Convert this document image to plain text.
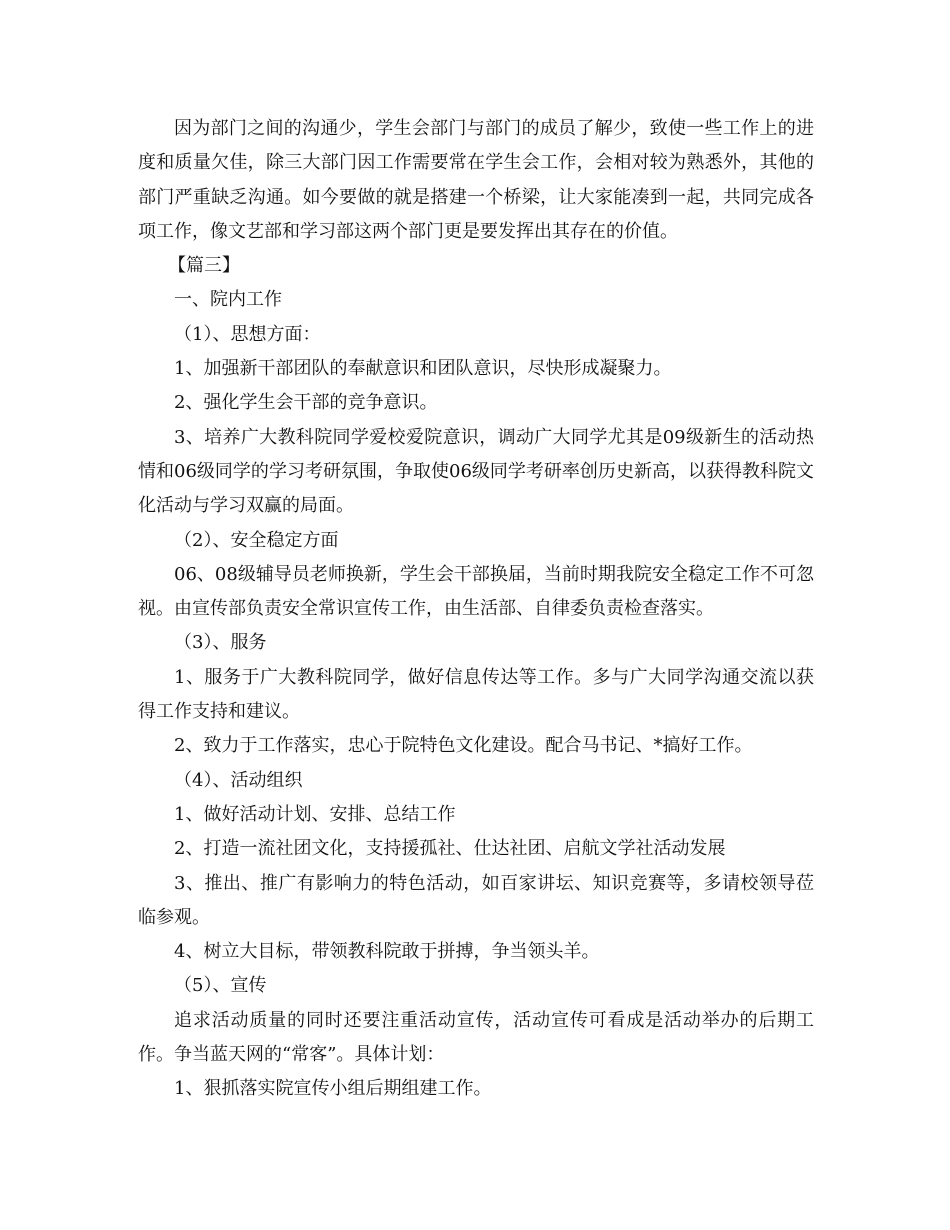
因为部门之间的沟通少，学生会部门与部门的成员了解少，致使一些工作上的进度和质量欠佳，除三大部门因工作需要常在学生会工作，会相对较为熟悉外，其他的部门严重缺乏沟通。如今要做的就是搭建一个桥梁，让大家能凑到一起，共同完成各项工作，像文艺部和学习部这两个部门更是要发挥出其存在的价值。

【篇三】

一、院内工作

（1）、思想方面：

1、加强新干部团队的奉献意识和团队意识，尽快形成凝聚力。

2、强化学生会干部的竞争意识。

3、培养广大教科院同学爱校爱院意识，调动广大同学尤其是09级新生的活动热情和06级同学的学习考研氛围，争取使06级同学考研率创历史新高，以获得教科院文化活动与学习双赢的局面。

（2）、安全稳定方面

06、08级辅导员老师换新，学生会干部换届，当前时期我院安全稳定工作不可忽视。由宣传部负责安全常识宣传工作，由生活部、自律委负责检查落实。

（3）、服务

1、服务于广大教科院同学，做好信息传达等工作。多与广大同学沟通交流以获得工作支持和建议。

2、致力于工作落实，忠心于院特色文化建设。配合马书记、*搞好工作。

（4）、活动组织

1、做好活动计划、安排、总结工作

2、打造一流社团文化，支持援孤社、仕达社团、启航文学社活动发展

3、推出、推广有影响力的特色活动，如百家讲坛、知识竞赛等，多请校领导莅临参观。

4、树立大目标，带领教科院敢于拼搏，争当领头羊。

（5）、宣传

追求活动质量的同时还要注重活动宣传，活动宣传可看成是活动举办的后期工作。争当蓝天网的“常客”。具体计划：

1、狠抓落实院宣传小组后期组建工作。
